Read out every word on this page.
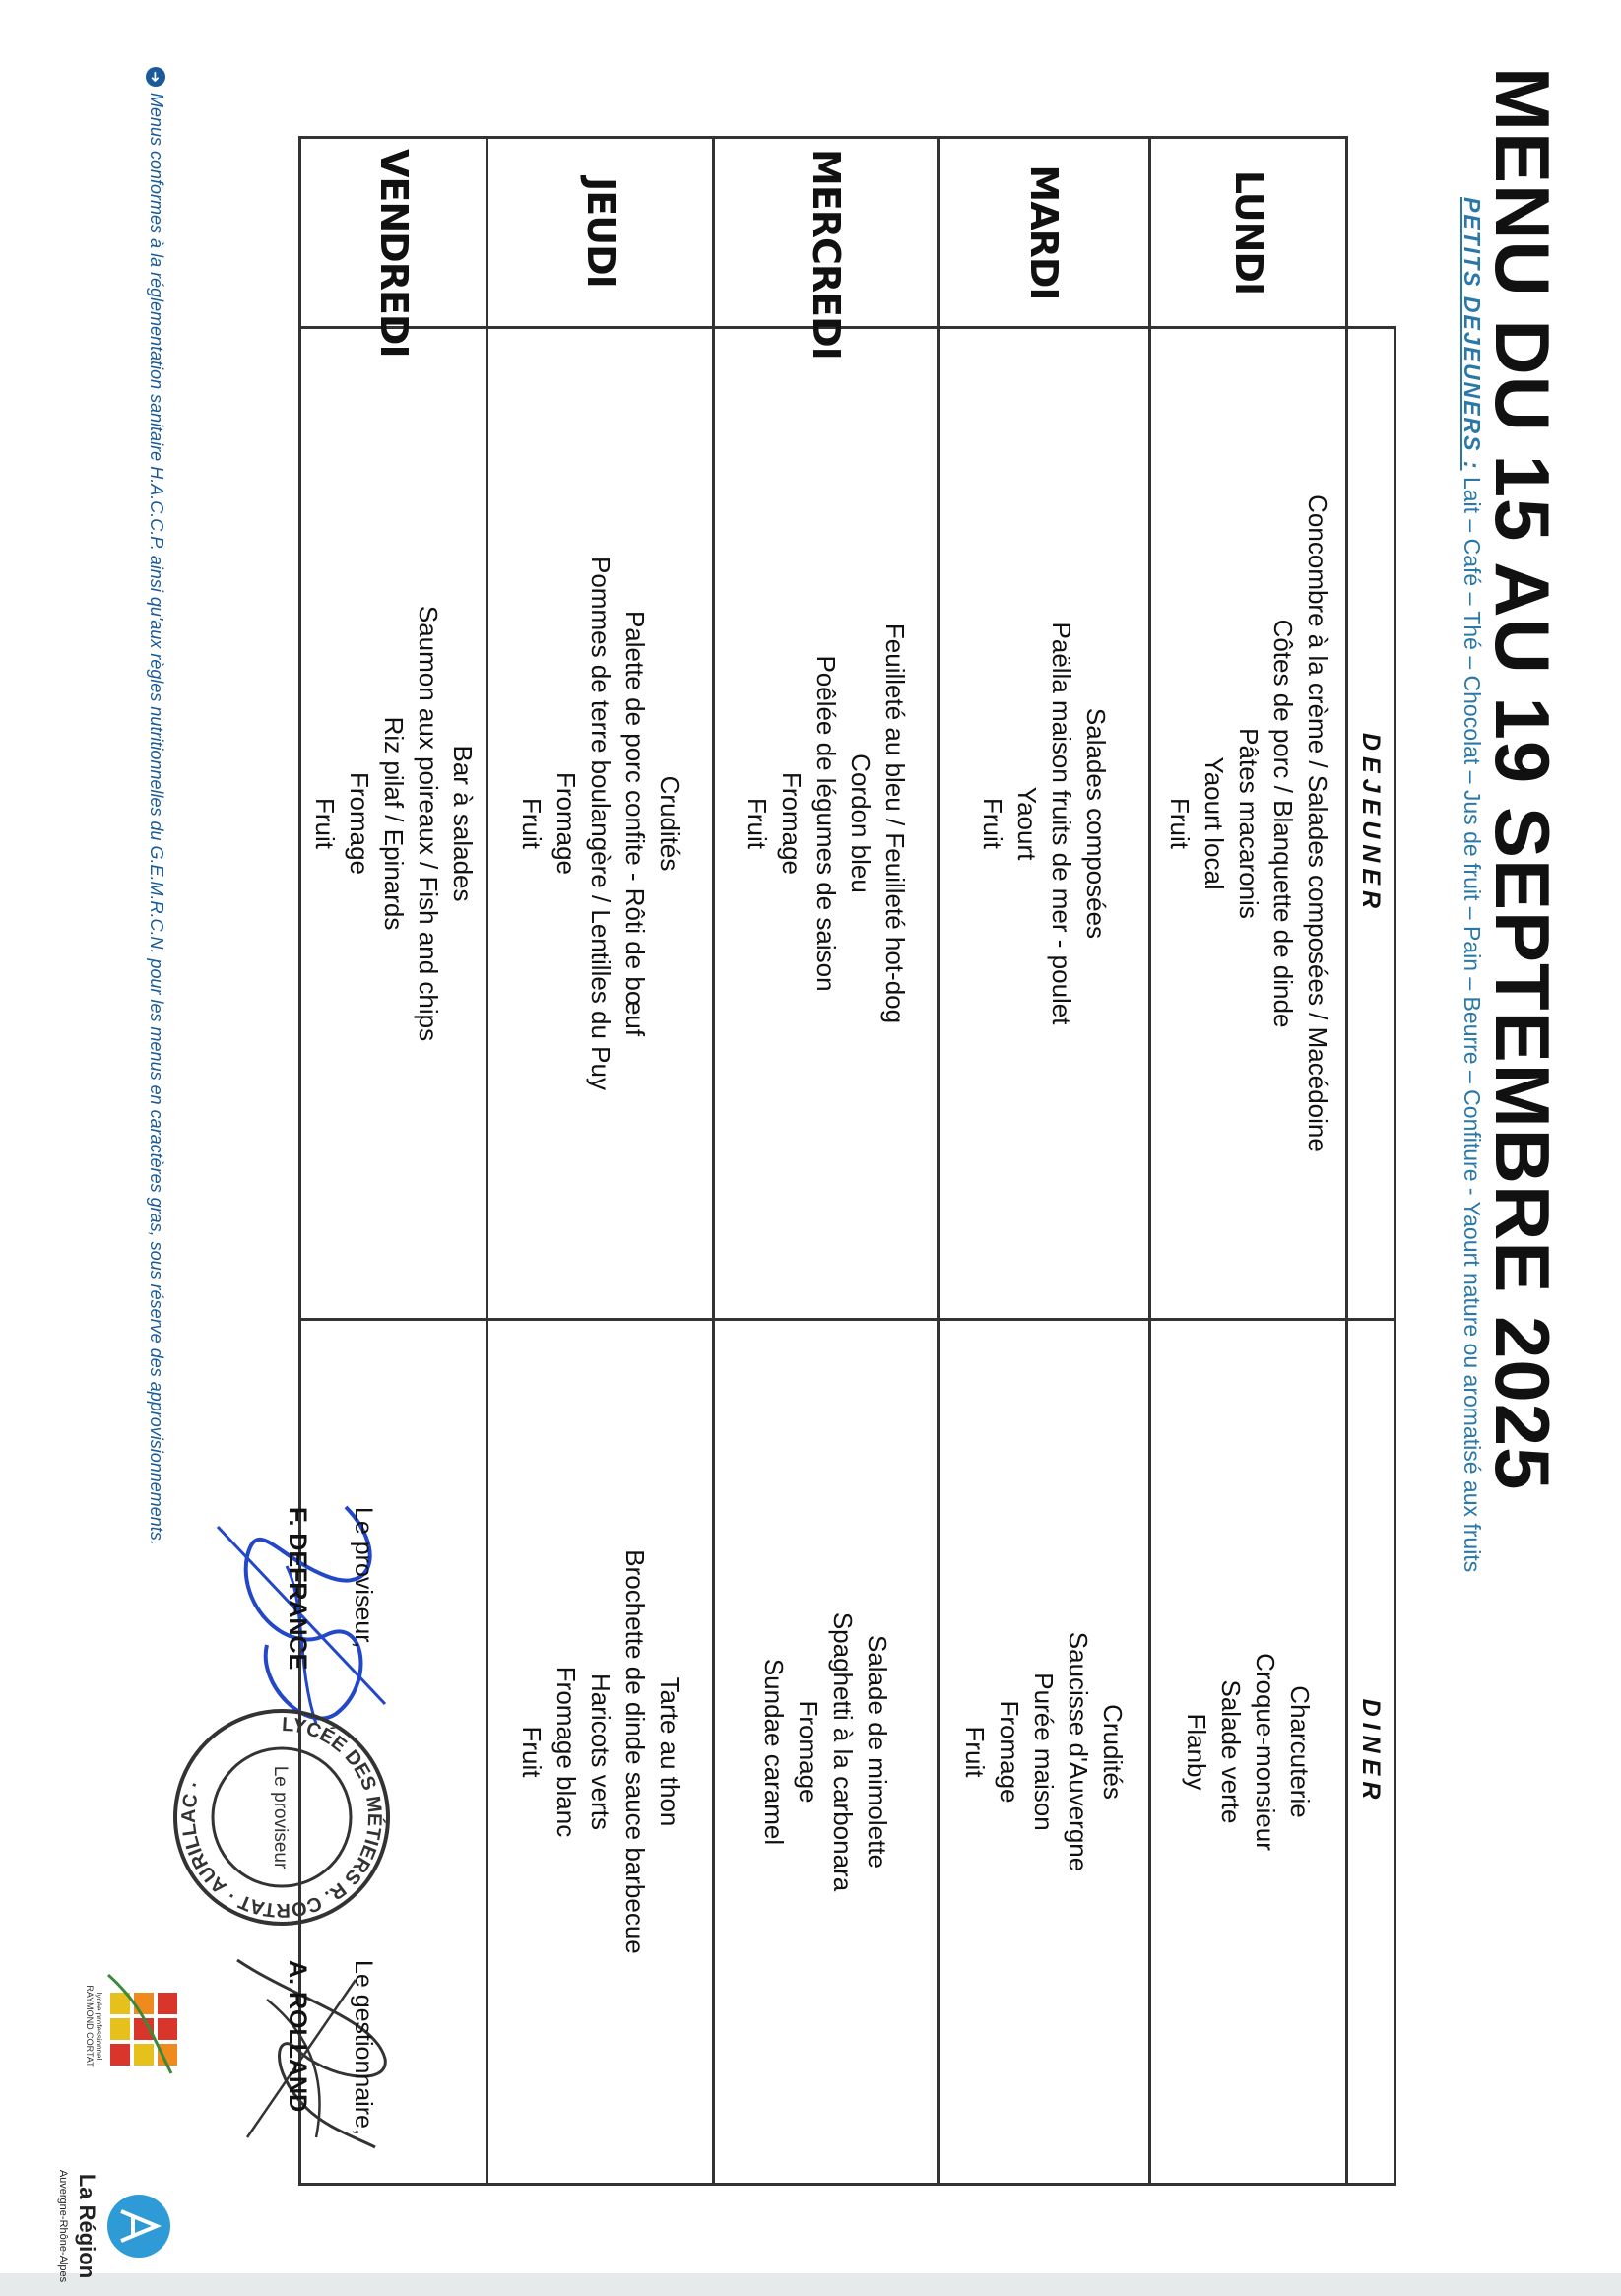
MENU DU 15 AU 19 SEPTEMBRE 2025
PETITS DEJEUNERS : Lait – Café – Thé – Chocolat – Jus de fruit – Pain – Beurre – Confiture - Yaourt nature ou aromatisé aux fruits
	DEJEUNER	DINER
LUNDI	Concombre à la crème / Salades composées / Macédoine
Côtes de porc / Blanquette de dinde
Pâtes macaronis
Yaourt local
Fruit	Charcuterie
Croque-monsieur
Salade verte
Flanby

MARDI	Salades composées
Paëlla maison fruits de mer - poulet
Yaourt
Fruit	Crudités
Saucisse d'Auvergne
Purée maison
Fromage
Fruit

MERCREDI	Feuilleté au bleu / Feuilleté hot-dog
Cordon bleu
Poêlée de légumes de saison
Fromage
Fruit	Salade de mimolette
Spaghetti à la carbonara
Fromage
Sundae caramel

JEUDI	Crudités
Palette de porc confite - Rôti de bœuf
Pommes de terre boulangère / Lentilles du Puy
Fromage
Fruit	Tarte au thon
Brochette de dinde sauce barbecue
Haricots verts
Fromage blanc
Fruit

VENDREDI	Bar à salades
Saumon aux poireaux / Fish and chips
Riz pilaf / Epinards
Fromage
Fruit	

Le proviseur,
F. DEFRANCE
Le gestionnaire,
A. ROLLAND
LYCÉE DES MÉTIERS R. CORTAT · AURILLAC ·	Le proviseur
lycée professionnel
RAYMOND CORTAT
La Région
Auvergne-Rhône-Alpes
➜Menus conformes à la réglementation sanitaire H.A.C.C.P. ainsi qu'aux règles nutritionnelles du G.E.M.R.C.N. pour les menus en caractères gras, sous réserve des approvisionnements.
